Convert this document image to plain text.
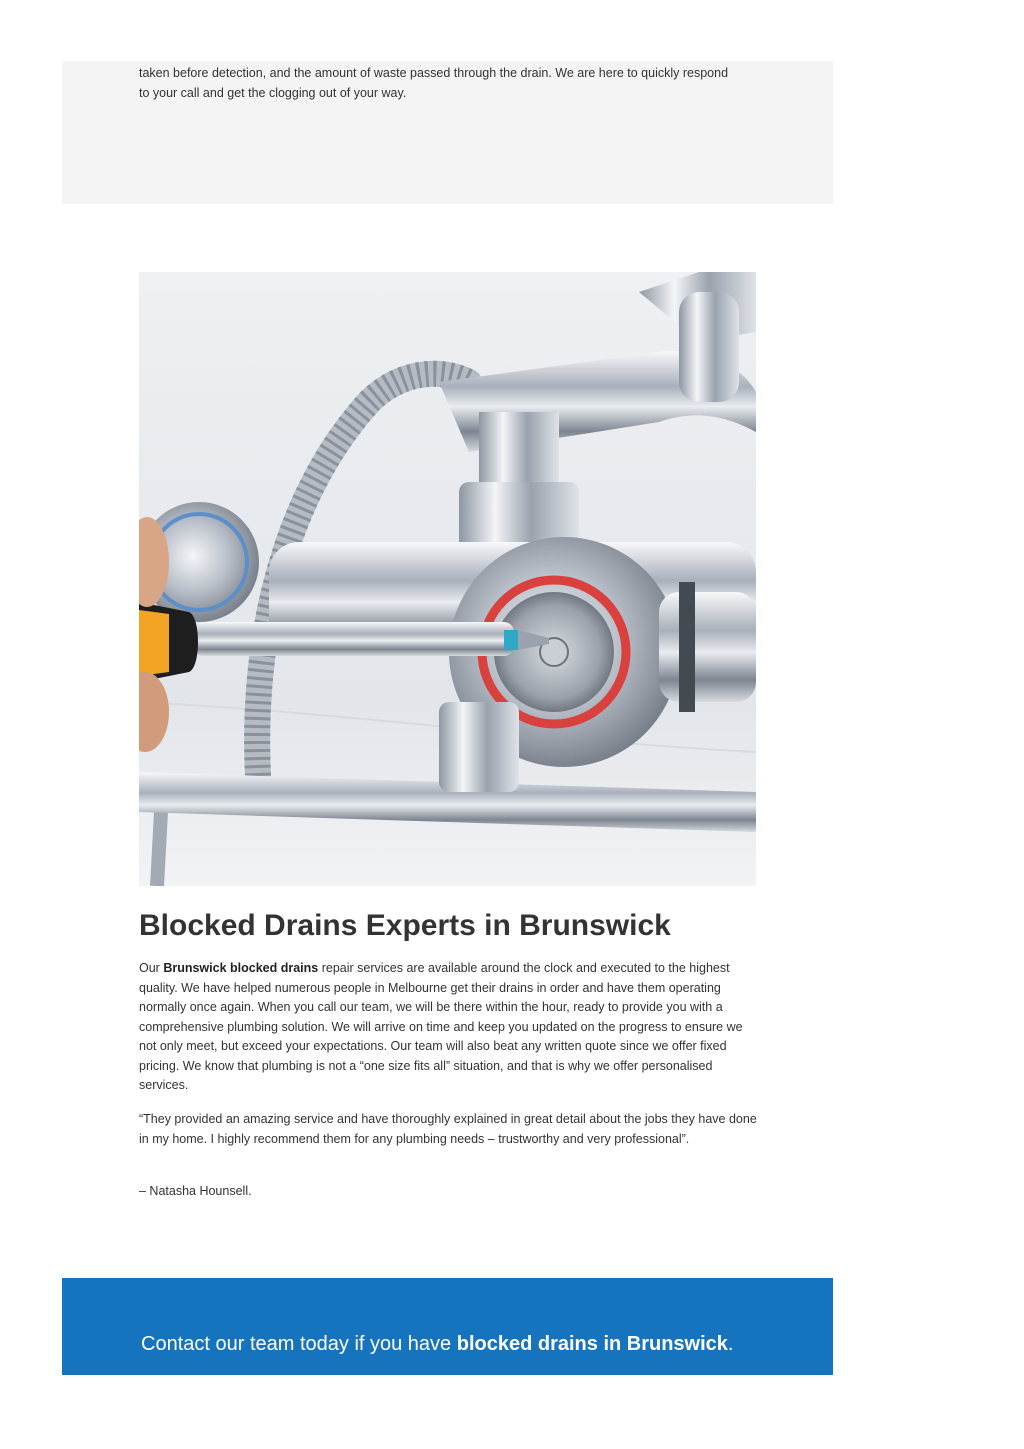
taken before detection, and the amount of waste passed through the drain. We are here to quickly respond to your call and get the clogging out of your way.

Blocked Drains Experts in Brunswick

Our Brunswick blocked drains repair services are available around the clock and executed to the highest quality. We have helped numerous people in Melbourne get their drains in order and have them operating normally once again. When you call our team, we will be there within the hour, ready to provide you with a comprehensive plumbing solution. We will arrive on time and keep you updated on the progress to ensure we not only meet, but exceed your expectations. Our team will also beat any written quote since we offer fixed pricing. We know that plumbing is not a “one size fits all” situation, and that is why we offer personalised services.

“They provided an amazing service and have thoroughly explained in great detail about the jobs they have done in my home. I highly recommend them for any plumbing needs – trustworthy and very professional”.

– Natasha Hounsell.

Contact our team today if you have blocked drains in Brunswick.
